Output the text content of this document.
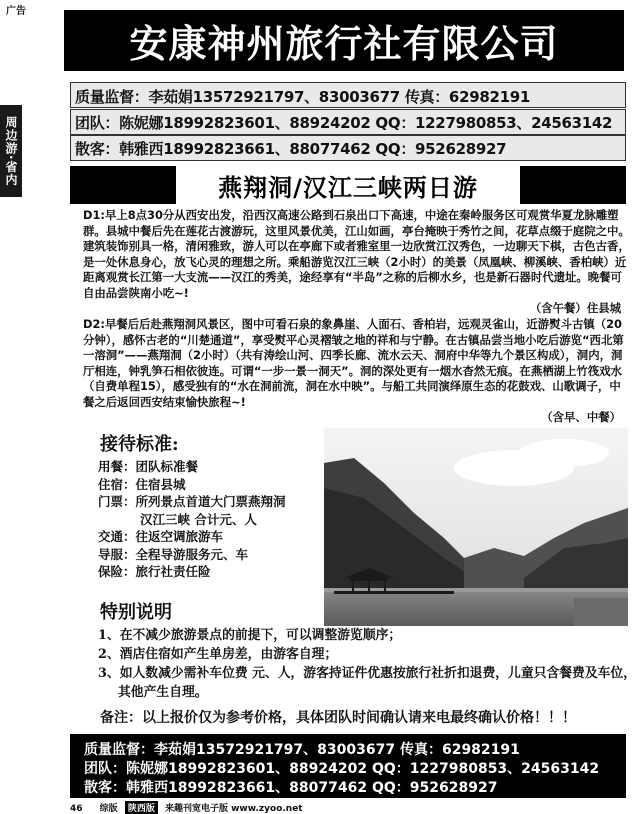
广告
周边游·省内
安康神州旅行社有限公司
质量监督：李茹娟13572921797、83003677 传真：62982191
团队：陈妮娜18992823601、88924202 QQ：1227980853、24563142
散客：韩雅西18992823661、88077462 QQ：952628927
燕翔洞/汉江三峡两日游
D1:早上8点30分从西安出发，沿西汉高速公路到石泉出口下高速，中途在秦岭服务区可观赏华夏龙脉雕塑群。县城中餐后先在莲花古渡游玩，这里风景优美，江山如画，亭台掩映于秀竹之间，花草点缀于庭院之中。建筑装饰别具一格，清闲雅致，游人可以在亭廊下或者雅室里一边欣赏江汉秀色，一边聊天下棋，古色古香，是一处休息身心，放飞心灵的理想之所。乘船游览汉江三峡（2小时）的美景（凤凰峡、柳溪峡、香柏峡）近距离观赏长江第一大支流——汉江的秀美，途经享有“半岛”之称的后柳水乡，也是新石器时代遗址。晚餐可自由品尝陕南小吃~!
（含午餐）住县城
D2:早餐后后赴燕翔洞风景区，图中可看石泉的象鼻崖、人面石、香柏岩，远观灵雀山，近游熨斗古镇（20分钟），感怀古老的“川楚通道”，享受熨平心灵褶皱之地的祥和与宁静。在古镇品尝当地小吃后游览“西北第一溶洞”——燕翔洞（2小时）（共有涛绘山河、四季长廊、流水云天、洞府中华等九个景区构成），洞内，洞厅相连，钟乳笋石相依彼连。可谓“一步一景一洞天”。洞的深处更有一烟水杳然无痕。在燕栖湖上竹筏戏水（自费单程15），感受独有的“水在洞前流，洞在水中映”。与船工共同演绎原生态的花鼓戏、山歌调子，中餐之后返回西安结束愉快旅程~!
（含早、中餐）
接待标准:
用餐：团队标准餐
住宿：住宿县城
门票：所列景点首道大门票燕翔洞
汉江三峡 合计元、人
交通：往返空调旅游车
导服：全程导游服务元、车
保险：旅行社责任险
特别说明
1、在不减少旅游景点的前提下，可以调整游览顺序；
2、酒店住宿如产生单房差，由游客自理；
3、如人数减少需补车位费 元、人，游客持证件优惠按旅行社折扣退费，儿童只含餐费及车位，其他产生自理。
备注：以上报价仅为参考价格，具体团队时间确认请来电最终确认价格！！！
质量监督：李茹娟13572921797、83003677 传真：62982191
团队：陈妮娜18992823601、88924202 QQ：1227980853、24563142
散客：韩雅西18992823661、88077462 QQ：952628927
46 综版 陕西版 来趣刊宽电子版 www.zyoo.net
